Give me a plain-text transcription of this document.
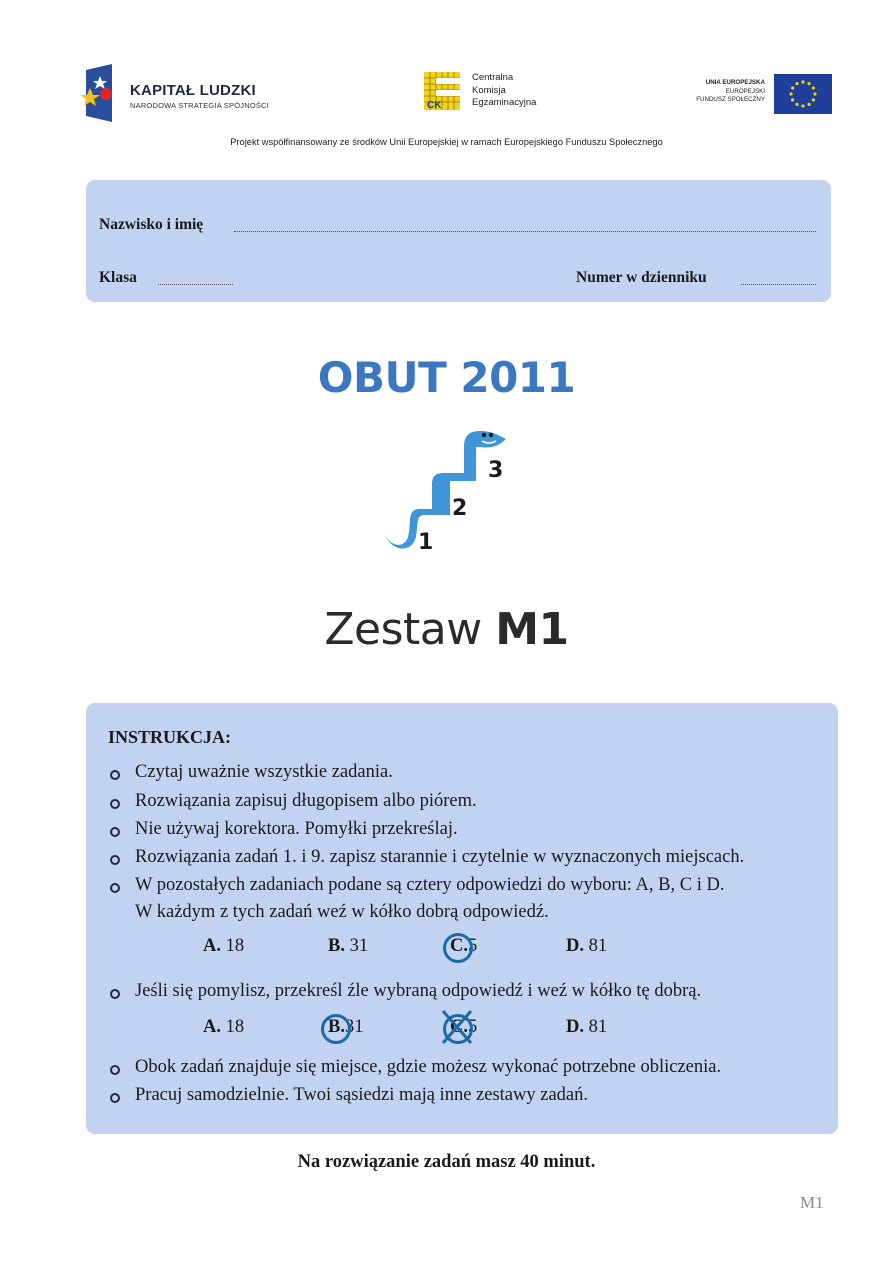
KAPITAŁ LUDZKI
NARODOWA STRATEGIA SPÓJNOŚCI	CK
Centralna
Komisja
Egzaminacyjna
UNIA EUROPEJSKA
EUROPEJSKI
FUNDUSZ SPOŁECZNY
Projekt współfinansowany ze środków Unii Europejskiej w ramach Europejskiego Funduszu Społecznego
Nazwisko i imię
Klasa	Numer w dzienniku
OBUT 2011
1
2
3
Zestaw M1
INSTRUKCJA:
Czytaj uważnie wszystkie zadania.
Rozwiązania zapisuj długopisem albo piórem.
Nie używaj korektora. Pomyłki przekreślaj.
Rozwiązania zadań 1. i 9. zapisz starannie i czytelnie w wyznaczonych miejscach.
W pozostałych zadaniach podane są cztery odpowiedzi do wyboru: A, B, C i D.
W każdym z tych zadań weź w kółko dobrą odpowiedź.
A. 18	B. 31	C.5	D. 81
Jeśli się pomylisz, przekreśl źle wybraną odpowiedź i weź w kółko tę dobrą.
A. 18	B.31	C.5	D. 81
Obok zadań znajduje się miejsce, gdzie możesz wykonać potrzebne obliczenia.
Pracuj samodzielnie. Twoi sąsiedzi mają inne zestawy zadań.
Na rozwiązanie zadań masz 40 minut.
M1
